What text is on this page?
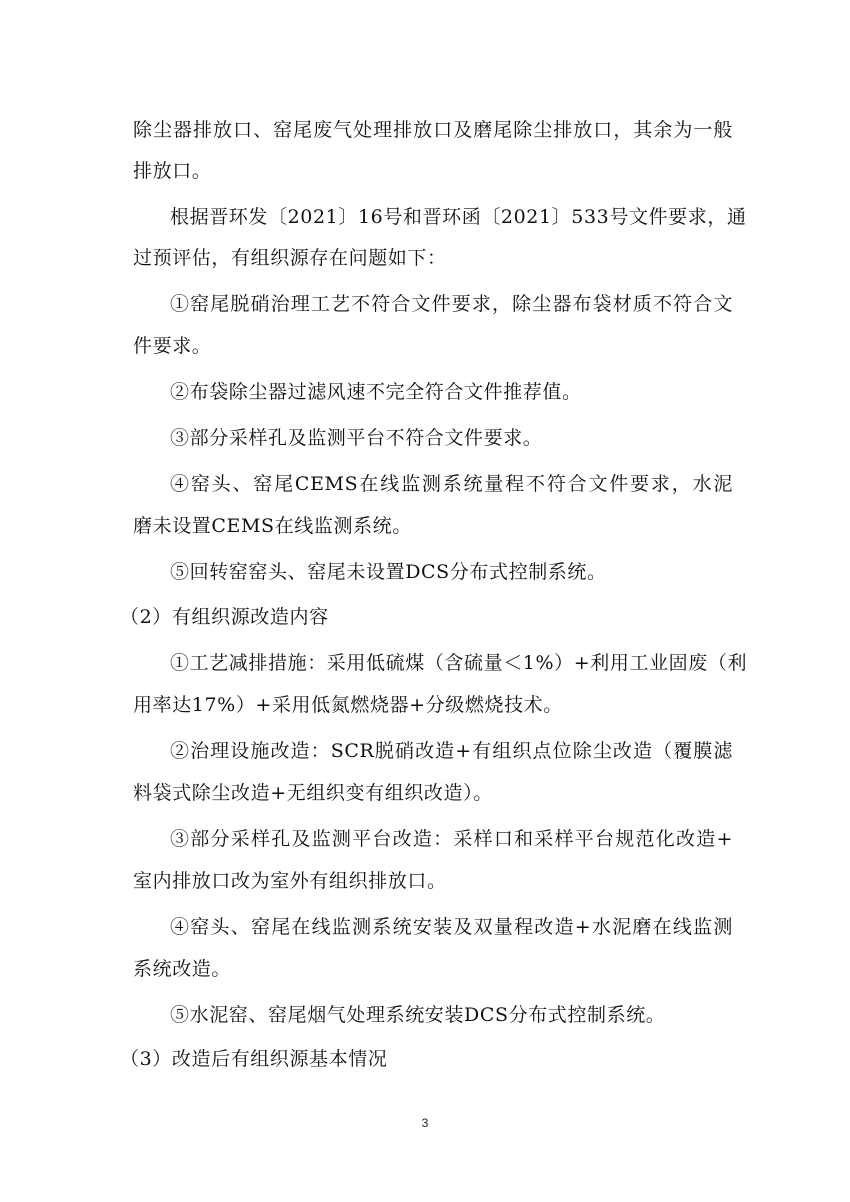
除尘器排放口、窑尾废气处理排放口及磨尾除尘排放口，其余为一般
排放口。
根据晋环发〔2021〕16号和晋环函〔2021〕533号文件要求，通
过预评估，有组织源存在问题如下：
①窑尾脱硝治理工艺不符合文件要求，除尘器布袋材质不符合文
件要求。
②布袋除尘器过滤风速不完全符合文件推荐值。
③部分采样孔及监测平台不符合文件要求。
④窑头、窑尾CEMS在线监测系统量程不符合文件要求，水泥
磨未设置CEMS在线监测系统。
⑤回转窑窑头、窑尾未设置DCS分布式控制系统。
（2）有组织源改造内容
①工艺减排措施：采用低硫煤（含硫量＜1%）+利用工业固废（利
用率达17%）+采用低氮燃烧器+分级燃烧技术。
②治理设施改造：SCR脱硝改造+有组织点位除尘改造（覆膜滤
料袋式除尘改造+无组织变有组织改造）。
③部分采样孔及监测平台改造：采样口和采样平台规范化改造+
室内排放口改为室外有组织排放口。
④窑头、窑尾在线监测系统安装及双量程改造+水泥磨在线监测
系统改造。
⑤水泥窑、窑尾烟气处理系统安装DCS分布式控制系统。
（3）改造后有组织源基本情况
3
